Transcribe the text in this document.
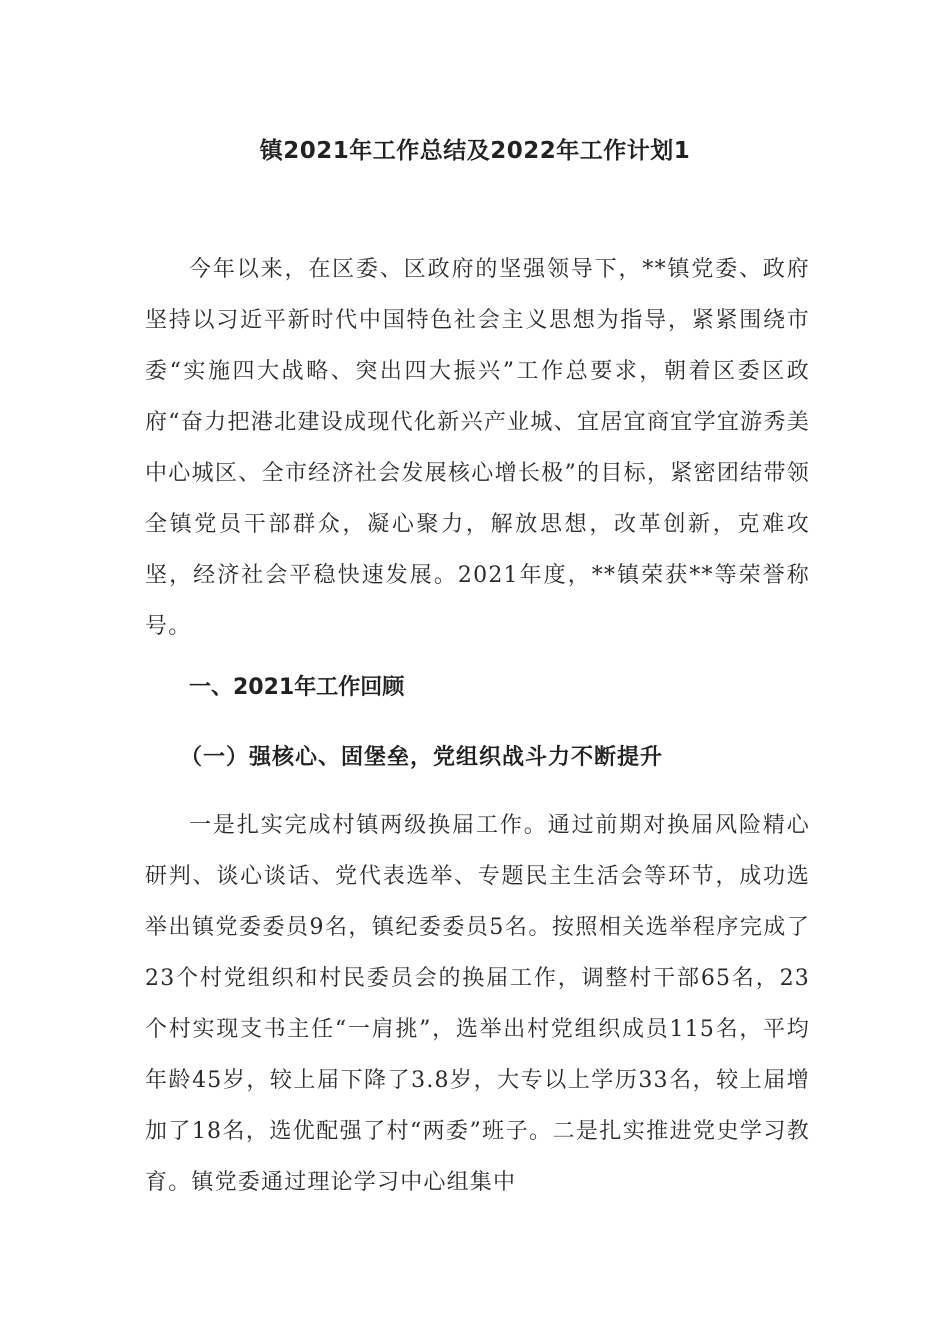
镇2021年工作总结及2022年工作计划1

今年以来，在区委、区政府的坚强领导下，**镇党委、政府坚持以习近平新时代中国特色社会主义思想为指导，紧紧围绕市委“实施四大战略、突出四大振兴”工作总要求，朝着区委区政府“奋力把港北建设成现代化新兴产业城、宜居宜商宜学宜游秀美中心城区、全市经济社会发展核心增长极”的目标，紧密团结带领全镇党员干部群众，凝心聚力，解放思想，改革创新，克难攻坚，经济社会平稳快速发展。2021年度，**镇荣获**等荣誉称号。

一、2021年工作回顾
（一）强核心、固堡垒，党组织战斗力不断提升

一是扎实完成村镇两级换届工作。通过前期对换届风险精心研判、谈心谈话、党代表选举、专题民主生活会等环节，成功选举出镇党委委员9名，镇纪委委员5名。按照相关选举程序完成了23个村党组织和村民委员会的换届工作，调整村干部65名，23个村实现支书主任“一肩挑”，选举出村党组织成员115名，平均年龄45岁，较上届下降了3.8岁，大专以上学历33名，较上届增加了18名，选优配强了村“两委”班子。二是扎实推进党史学习教育。镇党委通过理论学习中心组集中
